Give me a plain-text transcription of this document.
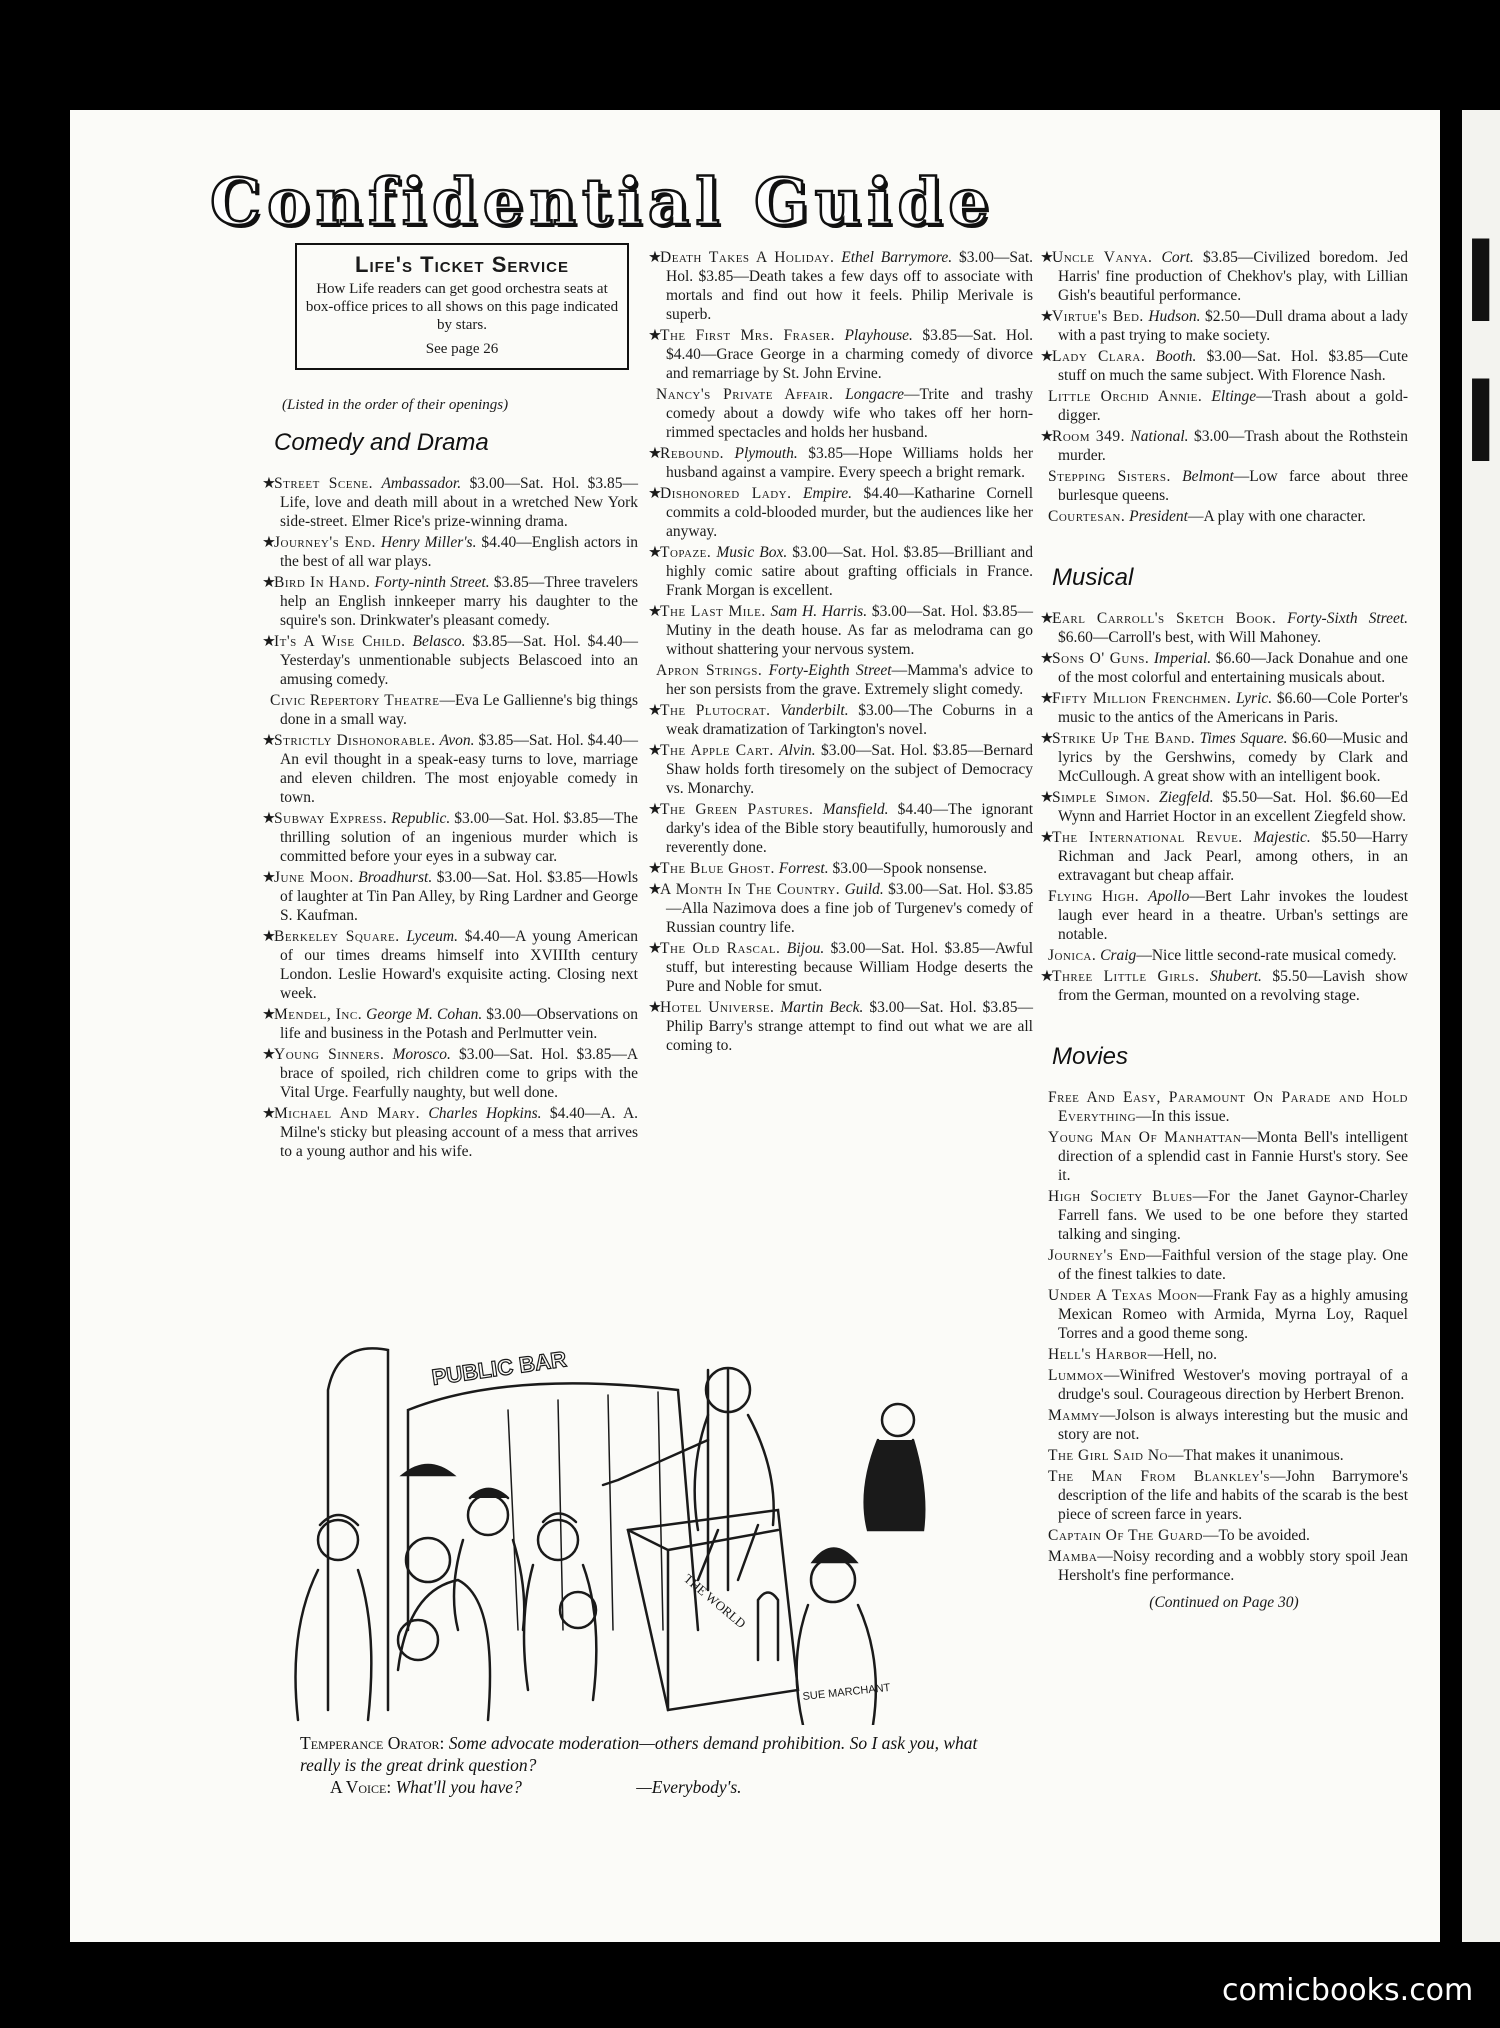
I
I
Confidential Guide
Life's Ticket Service

How Life readers can get good orchestra seats at box-office prices to all shows on this page indicated by stars.

See page 26

(Listed in the order of their openings)
Comedy and Drama
★Street Scene. Ambassador. $3.00—Sat. Hol. $3.85—Life, love and death mill about in a wretched New York side-street. Elmer Rice's prize-winning drama.
★Journey's End. Henry Miller's. $4.40—English actors in the best of all war plays.
★Bird In Hand. Forty-ninth Street. $3.85—Three travelers help an English innkeeper marry his daughter to the squire's son. Drinkwater's pleasant comedy.
★It's A Wise Child. Belasco. $3.85—Sat. Hol. $4.40—Yesterday's unmentionable subjects Belascoed into an amusing comedy.
Civic Repertory Theatre—Eva Le Gallienne's big things done in a small way.
★Strictly Dishonorable. Avon. $3.85—Sat. Hol. $4.40—An evil thought in a speak-easy turns to love, marriage and eleven children. The most enjoyable comedy in town.
★Subway Express. Republic. $3.00—Sat. Hol. $3.85—The thrilling solution of an ingenious murder which is committed before your eyes in a subway car.
★June Moon. Broadhurst. $3.00—Sat. Hol. $3.85—Howls of laughter at Tin Pan Alley, by Ring Lardner and George S. Kaufman.
★Berkeley Square. Lyceum. $4.40—A young American of our times dreams himself into XVIIIth century London. Leslie Howard's exquisite acting. Closing next week.
★Mendel, Inc. George M. Cohan. $3.00—Observations on life and business in the Potash and Perlmutter vein.
★Young Sinners. Morosco. $3.00—Sat. Hol. $3.85—A brace of spoiled, rich children come to grips with the Vital Urge. Fearfully naughty, but well done.
★Michael And Mary. Charles Hopkins. $4.40—A. A. Milne's sticky but pleasing account of a mess that arrives to a young author and his wife.
★Death Takes A Holiday. Ethel Barrymore. $3.00—Sat. Hol. $3.85—Death takes a few days off to associate with mortals and find out how it feels. Philip Merivale is superb.
★The First Mrs. Fraser. Playhouse. $3.85—Sat. Hol. $4.40—Grace George in a charming comedy of divorce and remarriage by St. John Ervine.
Nancy's Private Affair. Longacre—Trite and trashy comedy about a dowdy wife who takes off her horn-rimmed spectacles and holds her husband.
★Rebound. Plymouth. $3.85—Hope Williams holds her husband against a vampire. Every speech a bright remark.
★Dishonored Lady. Empire. $4.40—Katharine Cornell commits a cold-blooded murder, but the audiences like her anyway.
★Topaze. Music Box. $3.00—Sat. Hol. $3.85—Brilliant and highly comic satire about grafting officials in France. Frank Morgan is excellent.
★The Last Mile. Sam H. Harris. $3.00—Sat. Hol. $3.85—Mutiny in the death house. As far as melodrama can go without shattering your nervous system.
Apron Strings. Forty-Eighth Street—Mamma's advice to her son persists from the grave. Extremely slight comedy.
★The Plutocrat. Vanderbilt. $3.00—The Coburns in a weak dramatization of Tarkington's novel.
★The Apple Cart. Alvin. $3.00—Sat. Hol. $3.85—Bernard Shaw holds forth tiresomely on the subject of Democracy vs. Monarchy.
★The Green Pastures. Mansfield. $4.40—The ignorant darky's idea of the Bible story beautifully, humorously and reverently done.
★The Blue Ghost. Forrest. $3.00—Spook nonsense.
★A Month In The Country. Guild. $3.00—Sat. Hol. $3.85—Alla Nazimova does a fine job of Turgenev's comedy of Russian country life.
★The Old Rascal. Bijou. $3.00—Sat. Hol. $3.85—Awful stuff, but interesting because William Hodge deserts the Pure and Noble for smut.
★Hotel Universe. Martin Beck. $3.00—Sat. Hol. $3.85—Philip Barry's strange attempt to find out what we are all coming to.
★Uncle Vanya. Cort. $3.85—Civilized boredom. Jed Harris' fine production of Chekhov's play, with Lillian Gish's beautiful performance.
★Virtue's Bed. Hudson. $2.50—Dull drama about a lady with a past trying to make society.
★Lady Clara. Booth. $3.00—Sat. Hol. $3.85—Cute stuff on much the same subject. With Florence Nash.
Little Orchid Annie. Eltinge—Trash about a gold-digger.
★Room 349. National. $3.00—Trash about the Rothstein murder.
Stepping Sisters. Belmont—Low farce about three burlesque queens.
Courtesan. President—A play with one character.
Musical
★Earl Carroll's Sketch Book. Forty-Sixth Street. $6.60—Carroll's best, with Will Mahoney.
★Sons O' Guns. Imperial. $6.60—Jack Donahue and one of the most colorful and entertaining musicals about.
★Fifty Million Frenchmen. Lyric. $6.60—Cole Porter's music to the antics of the Americans in Paris.
★Strike Up The Band. Times Square. $6.60—Music and lyrics by the Gershwins, comedy by Clark and McCullough. A great show with an intelligent book.
★Simple Simon. Ziegfeld. $5.50—Sat. Hol. $6.60—Ed Wynn and Harriet Hoctor in an excellent Ziegfeld show.
★The International Revue. Majestic. $5.50—Harry Richman and Jack Pearl, among others, in an extravagant but cheap affair.
Flying High. Apollo—Bert Lahr invokes the loudest laugh ever heard in a theatre. Urban's settings are notable.
Jonica. Craig—Nice little second-rate musical comedy.
★Three Little Girls. Shubert. $5.50—Lavish show from the German, mounted on a revolving stage.
Movies
Free And Easy, Paramount On Parade and Hold Everything—In this issue.
Young Man Of Manhattan—Monta Bell's intelligent direction of a splendid cast in Fannie Hurst's story. See it.
High Society Blues—For the Janet Gaynor-Charley Farrell fans. We used to be one before they started talking and singing.
Journey's End—Faithful version of the stage play. One of the finest talkies to date.
Under A Texas Moon—Frank Fay as a highly amusing Mexican Romeo with Armida, Myrna Loy, Raquel Torres and a good theme song.
Hell's Harbor—Hell, no.
Lummox—Winifred Westover's moving portrayal of a drudge's soul. Courageous direction by Herbert Brenon.
Mammy—Jolson is always interesting but the music and story are not.
The Girl Said No—That makes it unanimous.
The Man From Blankley's—John Barrymore's description of the life and habits of the scarab is the best piece of screen farce in years.
Captain Of The Guard—To be avoided.
Mamba—Noisy recording and a wobbly story spoil Jean Hersholt's fine performance.
(Continued on Page 30)
PUBLIC BAR
THE WORLD
SUE MARCHANT
Temperance Orator: Some advocate moderation—others demand prohibition. So I ask you, what really is the great drink question?
A Voice: What'll you have?	—Everybody's.
comicbooks.com
